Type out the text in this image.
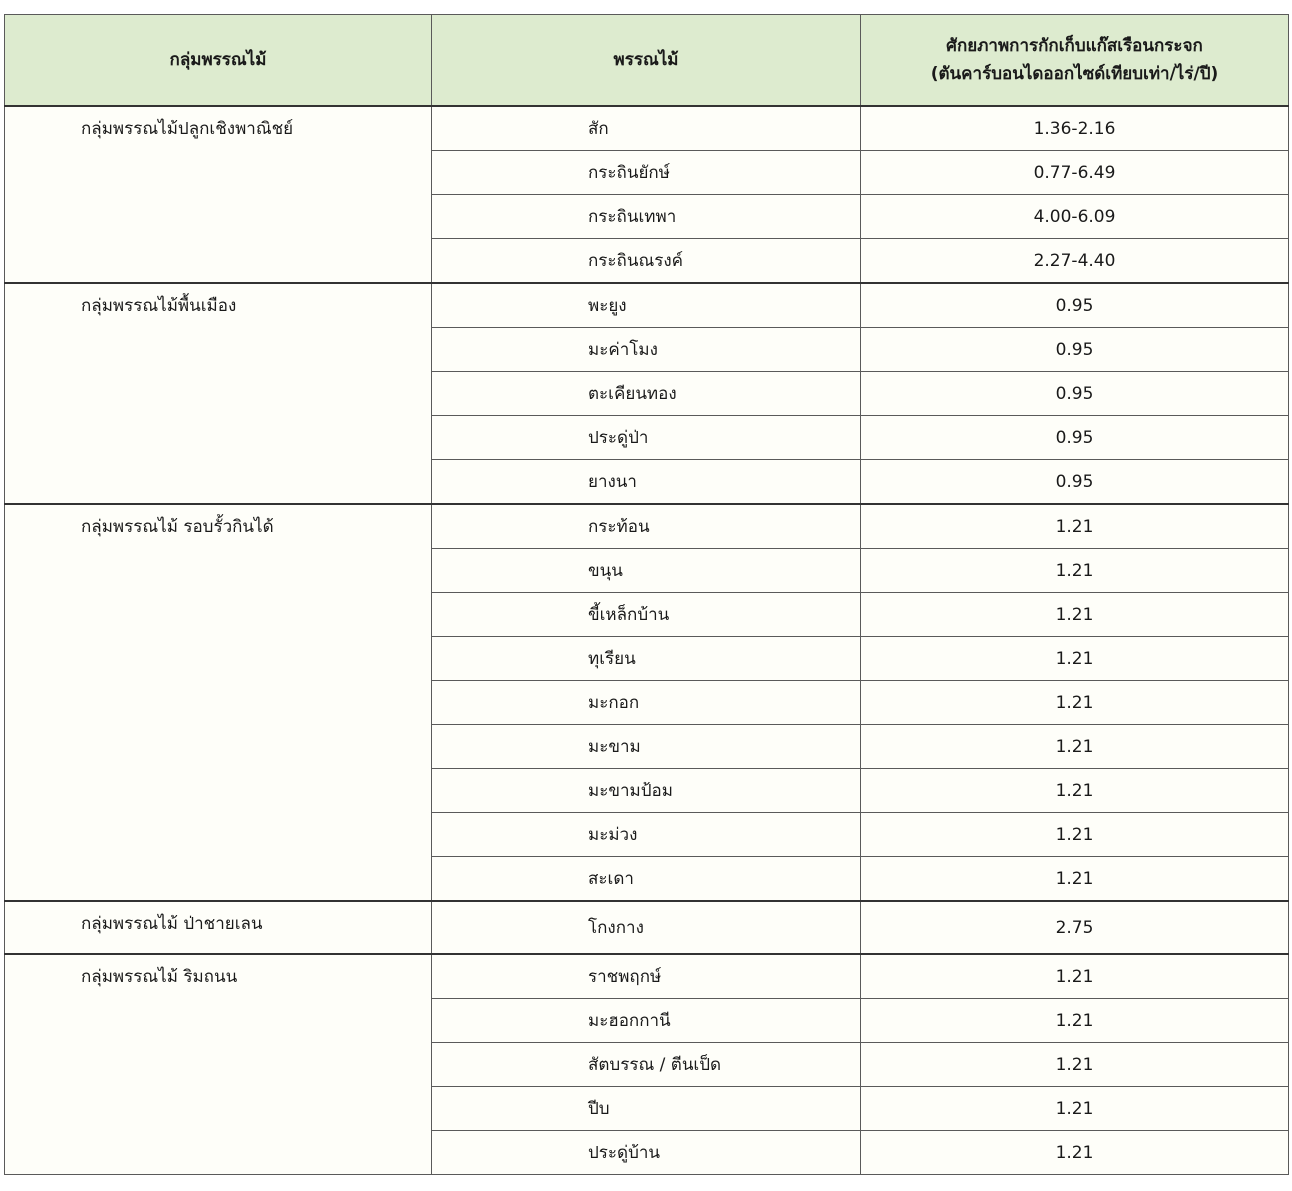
กลุ่มพรรณไม้	พรรณไม้	ศักยภาพการกักเก็บแก๊สเรือนกระจก
(ตันคาร์บอนไดออกไซด์เทียบเท่า/ไร่/ปี)

กลุ่มพรรณไม้ปลูกเชิงพาณิชย์	สัก	1.36-2.16
	กระถินยักษ์	0.77-6.49
	กระถินเทพา	4.00-6.09
	กระถินณรงค์	2.27-4.40
กลุ่มพรรณไม้พื้นเมือง	พะยูง	0.95
	มะค่าโมง	0.95
	ตะเคียนทอง	0.95
	ประดู่ป่า	0.95
	ยางนา	0.95
กลุ่มพรรณไม้ รอบรั้วกินได้	กระท้อน	1.21
	ขนุน	1.21
	ขี้เหล็กบ้าน	1.21
	ทุเรียน	1.21
	มะกอก	1.21
	มะขาม	1.21
	มะขามป้อม	1.21
	มะม่วง	1.21
	สะเดา	1.21
กลุ่มพรรณไม้ ป่าชายเลน	โกงกาง	2.75
กลุ่มพรรณไม้ ริมถนน	ราชพฤกษ์	1.21
	มะฮอกกานี	1.21
	สัตบรรณ / ตีนเป็ด	1.21
	ปีบ	1.21
	ประดู่บ้าน	1.21
